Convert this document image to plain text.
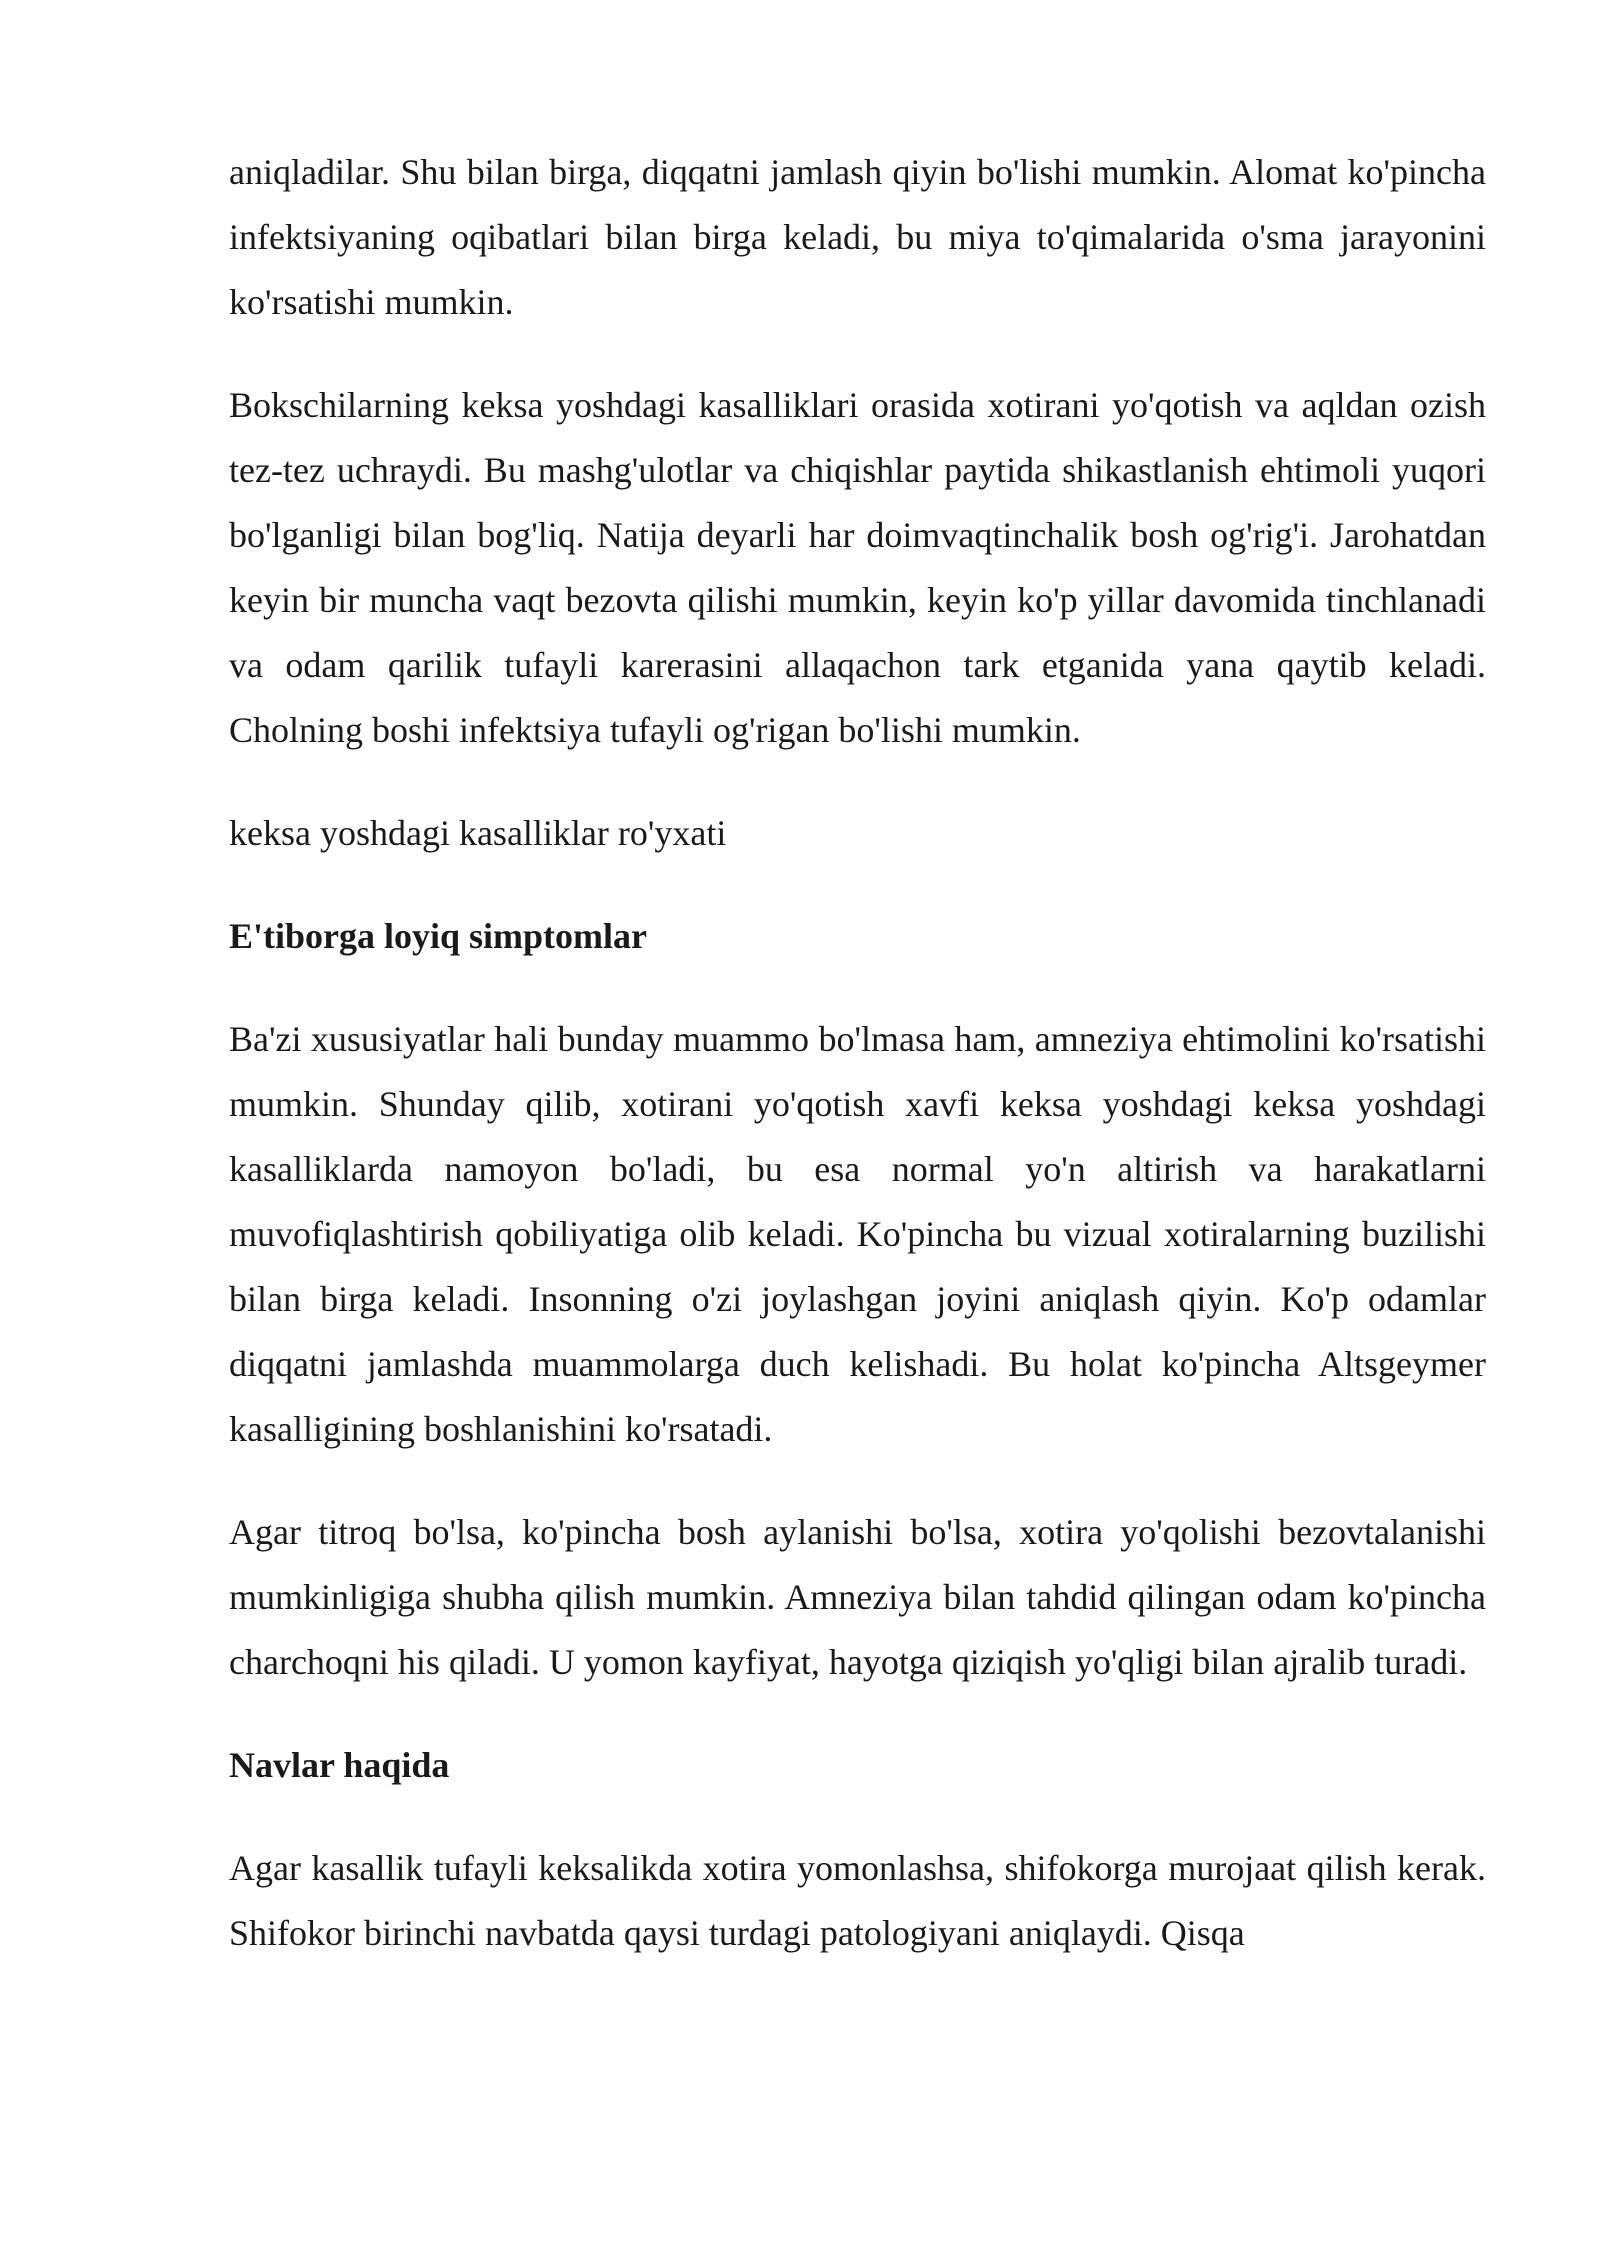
aniqladilar. Shu bilan birga, diqqatni jamlash qiyin bo'lishi mumkin. Alomat ko'pincha infektsiyaning oqibatlari bilan birga keladi, bu miya to'qimalarida o'sma jarayonini ko'rsatishi mumkin.

Bokschilarning keksa yoshdagi kasalliklari orasida xotirani yo'qotish va aqldan ozish tez-tez uchraydi. Bu mashg'ulotlar va chiqishlar paytida shikastlanish ehtimoli yuqori bo'lganligi bilan bog'liq. Natija deyarli har doimvaqtinchalik bosh og'rig'i. Jarohatdan keyin bir muncha vaqt bezovta qilishi mumkin, keyin ko'p yillar davomida tinchlanadi va odam qarilik tufayli karerasini allaqachon tark etganida yana qaytib keladi. Cholning boshi infektsiya tufayli og'rigan bo'lishi mumkin.

keksa yoshdagi kasalliklar ro'yxati

E'tiborga loyiq simptomlar

Ba'zi xususiyatlar hali bunday muammo bo'lmasa ham, amneziya ehtimolini ko'rsatishi mumkin. Shunday qilib, xotirani yo'qotish xavfi keksa yoshdagi keksa yoshdagi kasalliklarda namoyon bo'ladi, bu esa normal yo'n altirish va harakatlarni muvofiqlashtirish qobiliyatiga olib keladi. Ko'pincha bu vizual xotiralarning buzilishi bilan birga keladi. Insonning o'zi joylashgan joyini aniqlash qiyin. Ko'p odamlar diqqatni jamlashda muammolarga duch kelishadi. Bu holat ko'pincha Altsgeymer kasalligining boshlanishini ko'rsatadi.

Agar titroq bo'lsa, ko'pincha bosh aylanishi bo'lsa, xotira yo'qolishi bezovtalanishi mumkinligiga shubha qilish mumkin. Amneziya bilan tahdid qilingan odam ko'pincha charchoqni his qiladi. U yomon kayfiyat, hayotga qiziqish yo'qligi bilan ajralib turadi.

Navlar haqida

Agar kasallik tufayli keksalikda xotira yomonlashsa, shifokorga murojaat qilish kerak. Shifokor birinchi navbatda qaysi turdagi patologiyani aniqlaydi. Qisqa
